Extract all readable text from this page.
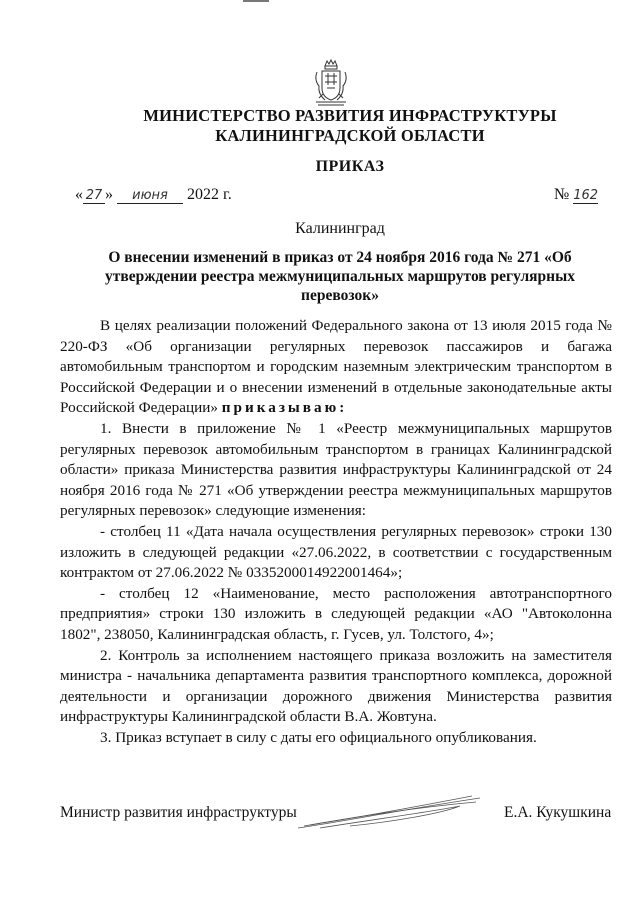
МИНИСТЕРСТВО РАЗВИТИЯ ИНФРАСТРУКТУРЫ
КАЛИНИНГРАДСКОЙ ОБЛАСТИ
ПРИКАЗ
« 27 » июня 2022 г.	№ 162
Калининград
О внесении изменений в приказ от 24 ноября 2016 года № 271 «Об утверждении реестра межмуниципальных маршрутов регулярных перевозок»

В целях реализации положений Федерального закона от 13 июля 2015 года № 220-ФЗ «Об организации регулярных перевозок пассажиров и багажа автомобильным транспортом и городским наземным электрическим транспортом в Российской Федерации и о внесении изменений в отдельные законодательные акты Российской Федерации» приказываю:

1. Внести в приложение № 1 «Реестр межмуниципальных маршрутов регулярных перевозок автомобильным транспортом в границах Калининградской области» приказа Министерства развития инфраструктуры Калининградской от 24 ноября 2016 года № 271 «Об утверждении реестра межмуниципальных маршрутов регулярных перевозок» следующие изменения:

- столбец 11 «Дата начала осуществления регулярных перевозок» строки 130 изложить в следующей редакции «27.06.2022, в соответствии с государственным контрактом от 27.06.2022 № 0335200014922001464»;

- столбец 12 «Наименование, место расположения автотранспортного предприятия» строки 130 изложить в следующей редакции «АО "Автоколонна 1802", 238050, Калининградская область, г. Гусев, ул. Толстого, 4»;

2. Контроль за исполнением настоящего приказа возложить на заместителя министра - начальника департамента развития транспортного комплекса, дорожной деятельности и организации дорожного движения Министерства развития инфраструктуры Калининградской области В.А. Жовтуна.

3. Приказ вступает в силу с даты его официального опубликования.

Министр развития инфраструктуры	Е.А. Кукушкина
